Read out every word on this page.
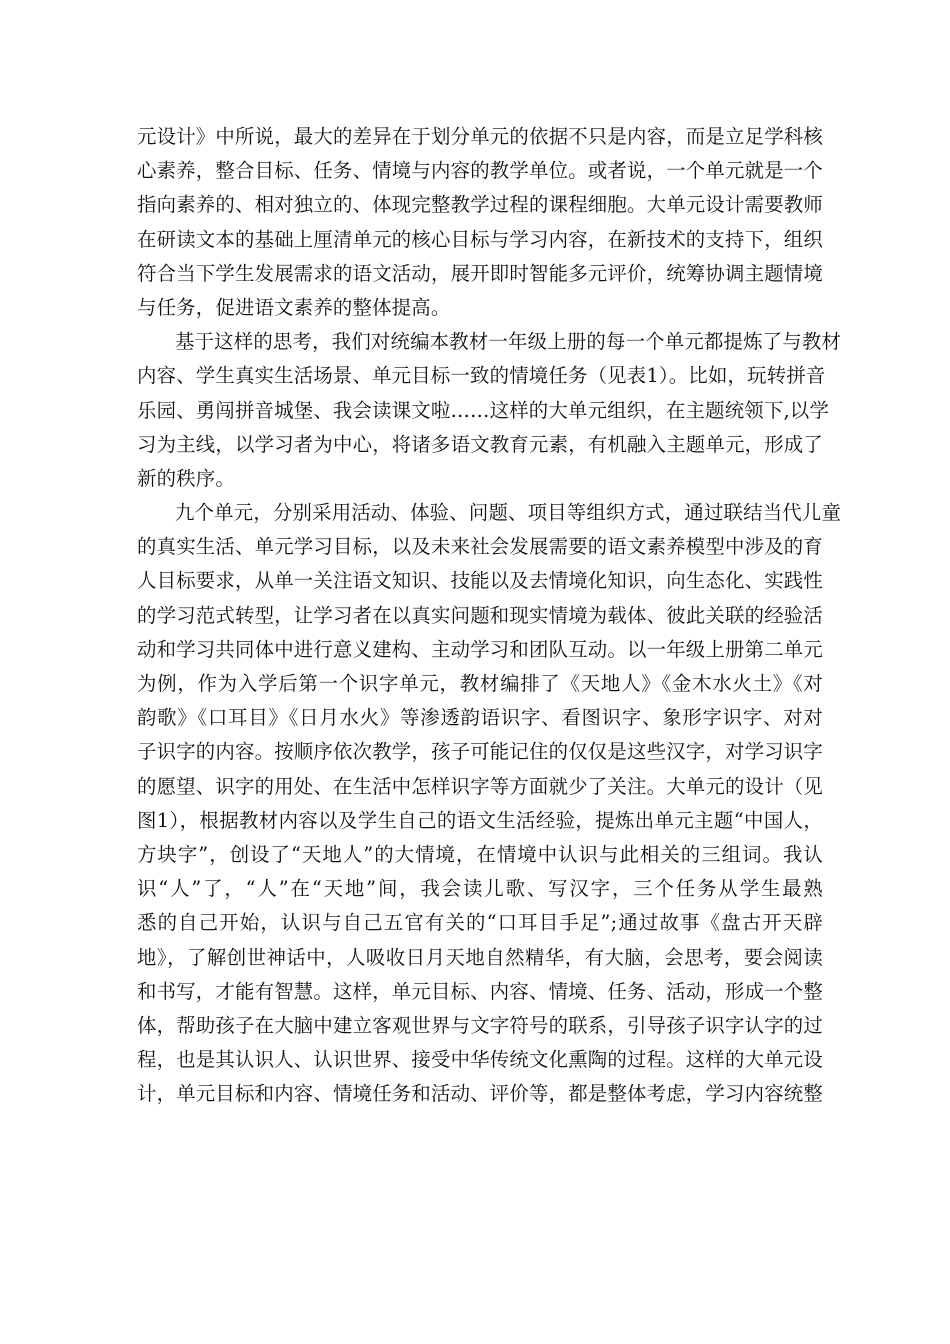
元设计》中所说，最大的差异在于划分单元的依据不只是内容，而是立足学科核
心素养，整合目标、任务、情境与内容的教学单位。或者说，一个单元就是一个
指向素养的、相对独立的、体现完整教学过程的课程细胞。大单元设计需要教师
在研读文本的基础上厘清单元的核心目标与学习内容，在新技术的支持下，组织
符合当下学生发展需求的语文活动，展开即时智能多元评价，统筹协调主题情境
与任务，促进语文素养的整体提高。
基于这样的思考，我们对统编本教材一年级上册的每一个单元都提炼了与教材
内容、学生真实生活场景、单元目标一致的情境任务（见表1）。比如，玩转拼音
乐园、勇闯拼音城堡、我会读课文啦……这样的大单元组织，在主题统领下,以学
习为主线，以学习者为中心，将诸多语文教育元素，有机融入主题单元，形成了
新的秩序。
九个单元，分别采用活动、体验、问题、项目等组织方式，通过联结当代儿童
的真实生活、单元学习目标，以及未来社会发展需要的语文素养模型中涉及的育
人目标要求，从单一关注语文知识、技能以及去情境化知识，向生态化、实践性
的学习范式转型，让学习者在以真实问题和现实情境为载体、彼此关联的经验活
动和学习共同体中进行意义建构、主动学习和团队互动。以一年级上册第二单元
为例，作为入学后第一个识字单元，教材编排了《天地人》《金木水火土》《对
韵歌》《口耳目》《日月水火》等渗透韵语识字、看图识字、象形字识字、对对
子识字的内容。按顺序依次教学，孩子可能记住的仅仅是这些汉字，对学习识字
的愿望、识字的用处、在生活中怎样识字等方面就少了关注。大单元的设计（见
图1），根据教材内容以及学生自己的语文生活经验，提炼出单元主题“中国人，
方块字”，创设了“天地人”的大情境，在情境中认识与此相关的三组词。我认
识“人”了，“人”在“天地”间，我会读儿歌、写汉字，三个任务从学生最熟
悉的自己开始，认识与自己五官有关的“口耳目手足”;通过故事《盘古开天辟
地》，了解创世神话中，人吸收日月天地自然精华，有大脑，会思考，要会阅读
和书写，才能有智慧。这样，单元目标、内容、情境、任务、活动，形成一个整
体，帮助孩子在大脑中建立客观世界与文字符号的联系，引导孩子识字认字的过
程，也是其认识人、认识世界、接受中华传统文化熏陶的过程。这样的大单元设
计，单元目标和内容、情境任务和活动、评价等，都是整体考虑，学习内容统整
